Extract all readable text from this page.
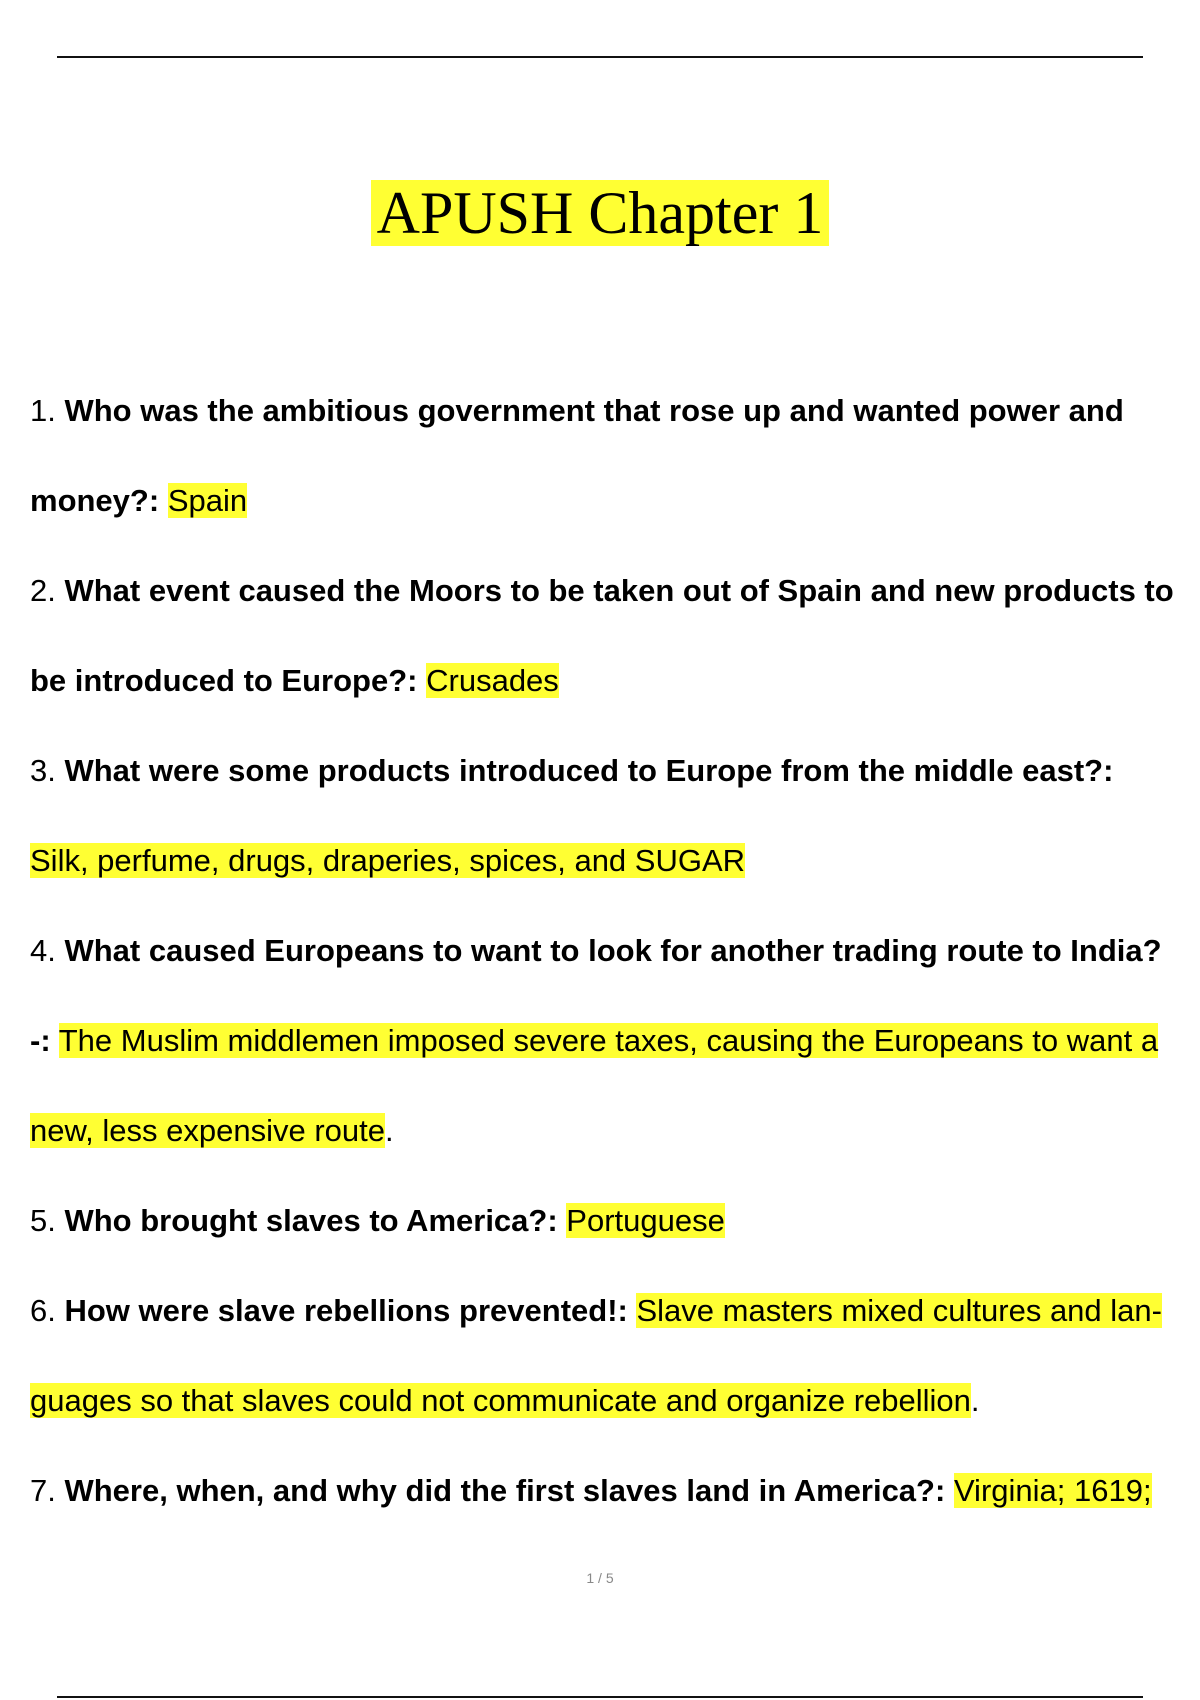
APUSH Chapter 1

1. Who was the ambitious government that rose up and wanted power and money?: Spain

2. What event caused the Moors to be taken out of Spain and new products to be introduced to Europe?: Crusades

3. What were some products introduced to Europe from the middle east?: Silk, perfume, drugs, draperies, spices, and SUGAR

4. What caused Europeans to want to look for another trading route to India?-: The Muslim middlemen imposed severe taxes, causing the Europeans to want a new, less expensive route.

5. Who brought slaves to America?: Portuguese

6. How were slave rebellions prevented!: Slave masters mixed cultures and lan- guages so that slaves could not communicate and organize rebellion.

7. Where, when, and why did the first slaves land in America?: Virginia; 1619;

1 / 5
